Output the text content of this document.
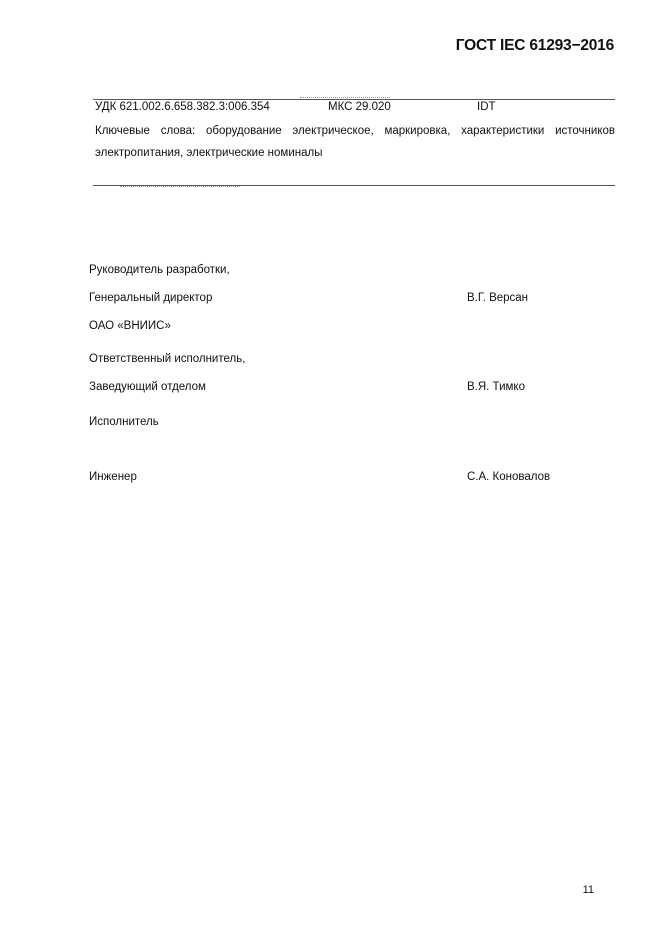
ГОСТ IEC 61293−2016
УДК 621.002.6.658.382.3:006.354	МКС 29.020	IDT

Ключевые слова: оборудование электрическое, маркировка, характеристики источников электропитания, электрические номиналы

Руководитель разработки,
Генеральный директор	В.Г. Версан
ОАО «ВНИИС»
Ответственный исполнитель,
Заведующий отделом	В.Я. Тимко
Исполнитель
Инженер	С.А. Коновалов
11
